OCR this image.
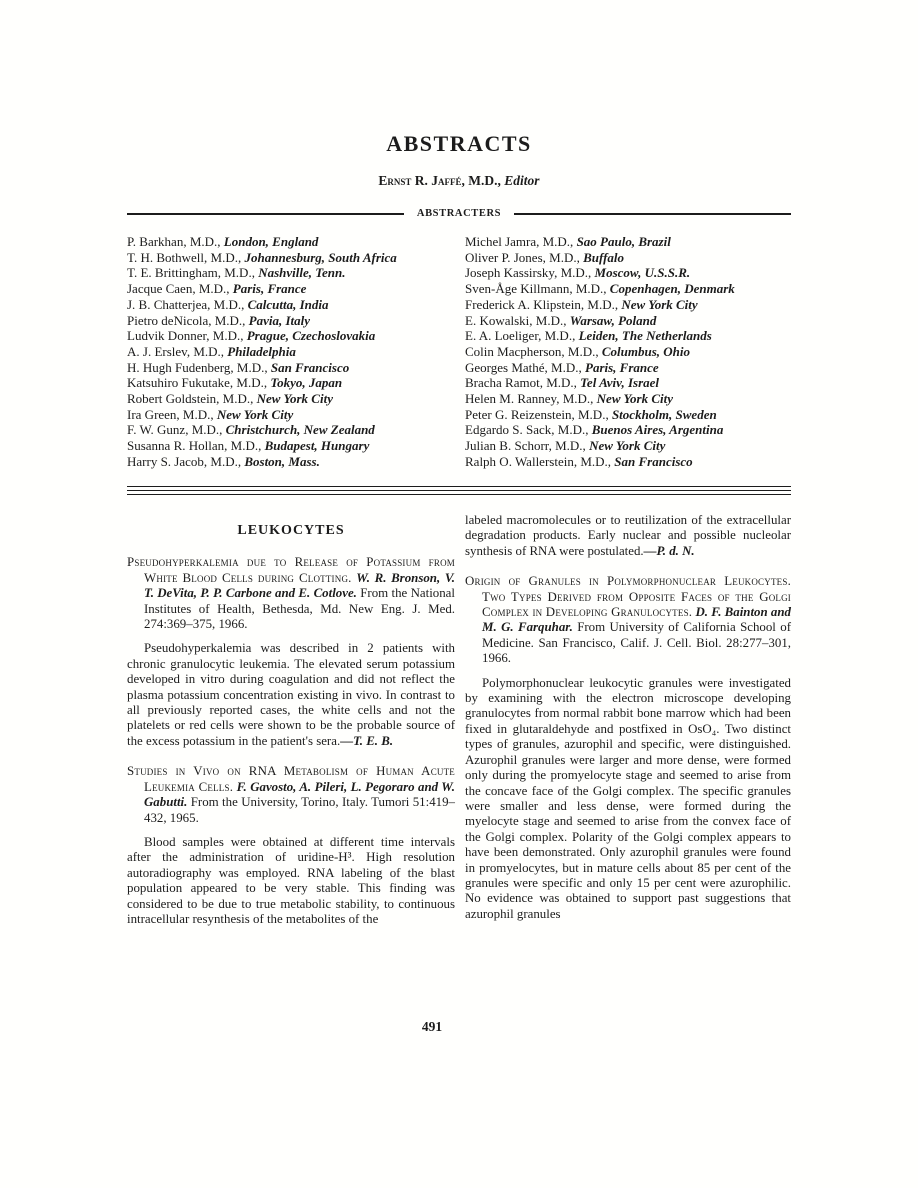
ABSTRACTS
Ernst R. Jaffé, M.D., Editor
ABSTRACTERS
P. Barkhan, M.D., London, England
T. H. Bothwell, M.D., Johannesburg, South Africa
T. E. Brittingham, M.D., Nashville, Tenn.
Jacque Caen, M.D., Paris, France
J. B. Chatterjea, M.D., Calcutta, India
Pietro deNicola, M.D., Pavia, Italy
Ludvik Donner, M.D., Prague, Czechoslovakia
A. J. Erslev, M.D., Philadelphia
H. Hugh Fudenberg, M.D., San Francisco
Katsuhiro Fukutake, M.D., Tokyo, Japan
Robert Goldstein, M.D., New York City
Ira Green, M.D., New York City
F. W. Gunz, M.D., Christchurch, New Zealand
Susanna R. Hollan, M.D., Budapest, Hungary
Harry S. Jacob, M.D., Boston, Mass.
Michel Jamra, M.D., Sao Paulo, Brazil
Oliver P. Jones, M.D., Buffalo
Joseph Kassirsky, M.D., Moscow, U.S.S.R.
Sven-Åge Killmann, M.D., Copenhagen, Denmark
Frederick A. Klipstein, M.D., New York City
E. Kowalski, M.D., Warsaw, Poland
E. A. Loeliger, M.D., Leiden, The Netherlands
Colin Macpherson, M.D., Columbus, Ohio
Georges Mathé, M.D., Paris, France
Bracha Ramot, M.D., Tel Aviv, Israel
Helen M. Ranney, M.D., New York City
Peter G. Reizenstein, M.D., Stockholm, Sweden
Edgardo S. Sack, M.D., Buenos Aires, Argentina
Julian B. Schorr, M.D., New York City
Ralph O. Wallerstein, M.D., San Francisco
LEUKOCYTES

Pseudohyperkalemia due to Release of Potassium from White Blood Cells during Clotting. W. R. Bronson, V. T. DeVita, P. P. Carbone and E. Cotlove. From the National Institutes of Health, Bethesda, Md. New Eng. J. Med. 274:369–375, 1966.

Pseudohyperkalemia was described in 2 patients with chronic granulocytic leukemia. The elevated serum potassium developed in vitro during coagulation and did not reflect the plasma potassium concentration existing in vivo. In contrast to all previously reported cases, the white cells and not the platelets or red cells were shown to be the probable source of the excess potassium in the patient's sera.—T. E. B.

Studies in Vivo on RNA Metabolism of Human Acute Leukemia Cells. F. Gavosto, A. Pileri, L. Pegoraro and W. Gabutti. From the University, Torino, Italy. Tumori 51:419–432, 1965.

Blood samples were obtained at different time intervals after the administration of uridine-H³. High resolution autoradiography was employed. RNA labeling of the blast population appeared to be very stable. This finding was considered to be due to true metabolic stability, to continuous intracellular resynthesis of the metabolites of the

labeled macromolecules or to reutilization of the extracellular degradation products. Early nuclear and possible nucleolar synthesis of RNA were postulated.—P. d. N.

Origin of Granules in Polymorphonuclear Leukocytes. Two Types Derived from Opposite Faces of the Golgi Complex in Developing Granulocytes. D. F. Bainton and M. G. Farquhar. From University of California School of Medicine. San Francisco, Calif. J. Cell. Biol. 28:277–301, 1966.

Polymorphonuclear leukocytic granules were investigated by examining with the electron microscope developing granulocytes from normal rabbit bone marrow which had been fixed in glutaraldehyde and postfixed in OsO₄. Two distinct types of granules, azurophil and specific, were distinguished. Azurophil granules were larger and more dense, were formed only during the promyelocyte stage and seemed to arise from the concave face of the Golgi complex. The specific granules were smaller and less dense, were formed during the myelocyte stage and seemed to arise from the convex face of the Golgi complex. Polarity of the Golgi complex appears to have been demonstrated. Only azurophil granules were found in promyelocytes, but in mature cells about 85 per cent of the granules were specific and only 15 per cent were azurophilic. No evidence was obtained to support past suggestions that azurophil granules

491
